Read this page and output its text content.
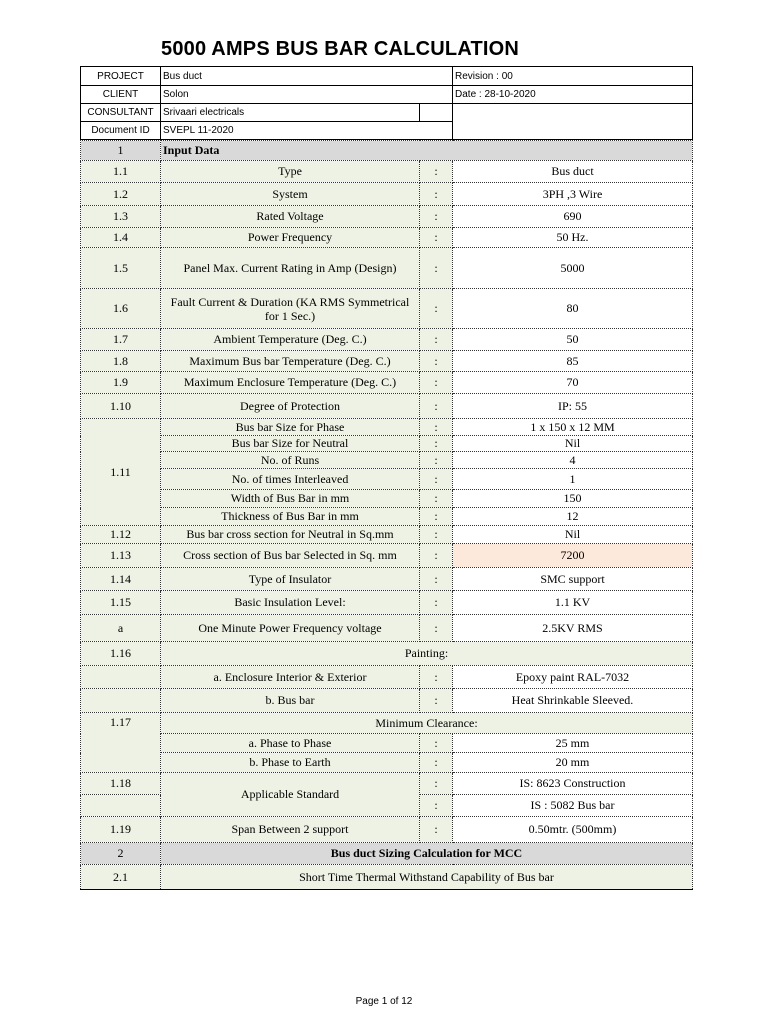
5000 AMPS BUS BAR CALCULATION
PROJECT	Bus duct		Revision : 00
CLIENT	Solon		Date : 28-10-2020
CONSULTANT	Srivaari electricals		
Document ID	SVEPL 11-2020		
1	Input Data		
1.1	Type	:	Bus duct
1.2	System	:	3PH ,3 Wire
1.3	Rated Voltage	:	690
1.4	Power Frequency	:	50 Hz.
1.5	Panel Max. Current Rating in Amp (Design)	:	5000
1.6	Fault Current & Duration (KA RMS Symmetrical for 1 Sec.)	:	80
1.7	Ambient Temperature (Deg. C.)	:	50
1.8	Maximum Bus bar Temperature (Deg. C.)	:	85
1.9	Maximum Enclosure Temperature (Deg. C.)	:	70
1.10	Degree of Protection	:	IP: 55
1.11	Bus bar Size for Phase	:	1 x 150 x 12 MM
	Bus bar Size for Neutral	:	Nil
	No. of Runs	:	4
	No. of times Interleaved	:	1
	Width of Bus Bar in mm	:	150
	Thickness of Bus Bar in mm	:	12
1.12	Bus bar cross section for Neutral in Sq.mm	:	Nil
1.13	Cross section of Bus bar Selected in Sq. mm	:	7200
1.14	Type of Insulator	:	SMC support
1.15	Basic Insulation Level:	:	1.1 KV
a	One Minute Power Frequency voltage	:	2.5KV RMS
1.16	Painting:		
	a. Enclosure Interior & Exterior	:	Epoxy paint RAL-7032
	b. Bus bar	:	Heat Shrinkable Sleeved.
1.17	Minimum Clearance:		
	a. Phase to Phase	:	25 mm
	b. Phase to Earth	:	20 mm
1.18	Applicable Standard	:	IS: 8623 Construction
		:	IS : 5082 Bus bar
1.19	Span Between 2 support	:	0.50mtr. (500mm)
2	Bus duct Sizing Calculation for MCC		
2.1	Short Time Thermal Withstand Capability of Bus bar		
Page 1 of 12
